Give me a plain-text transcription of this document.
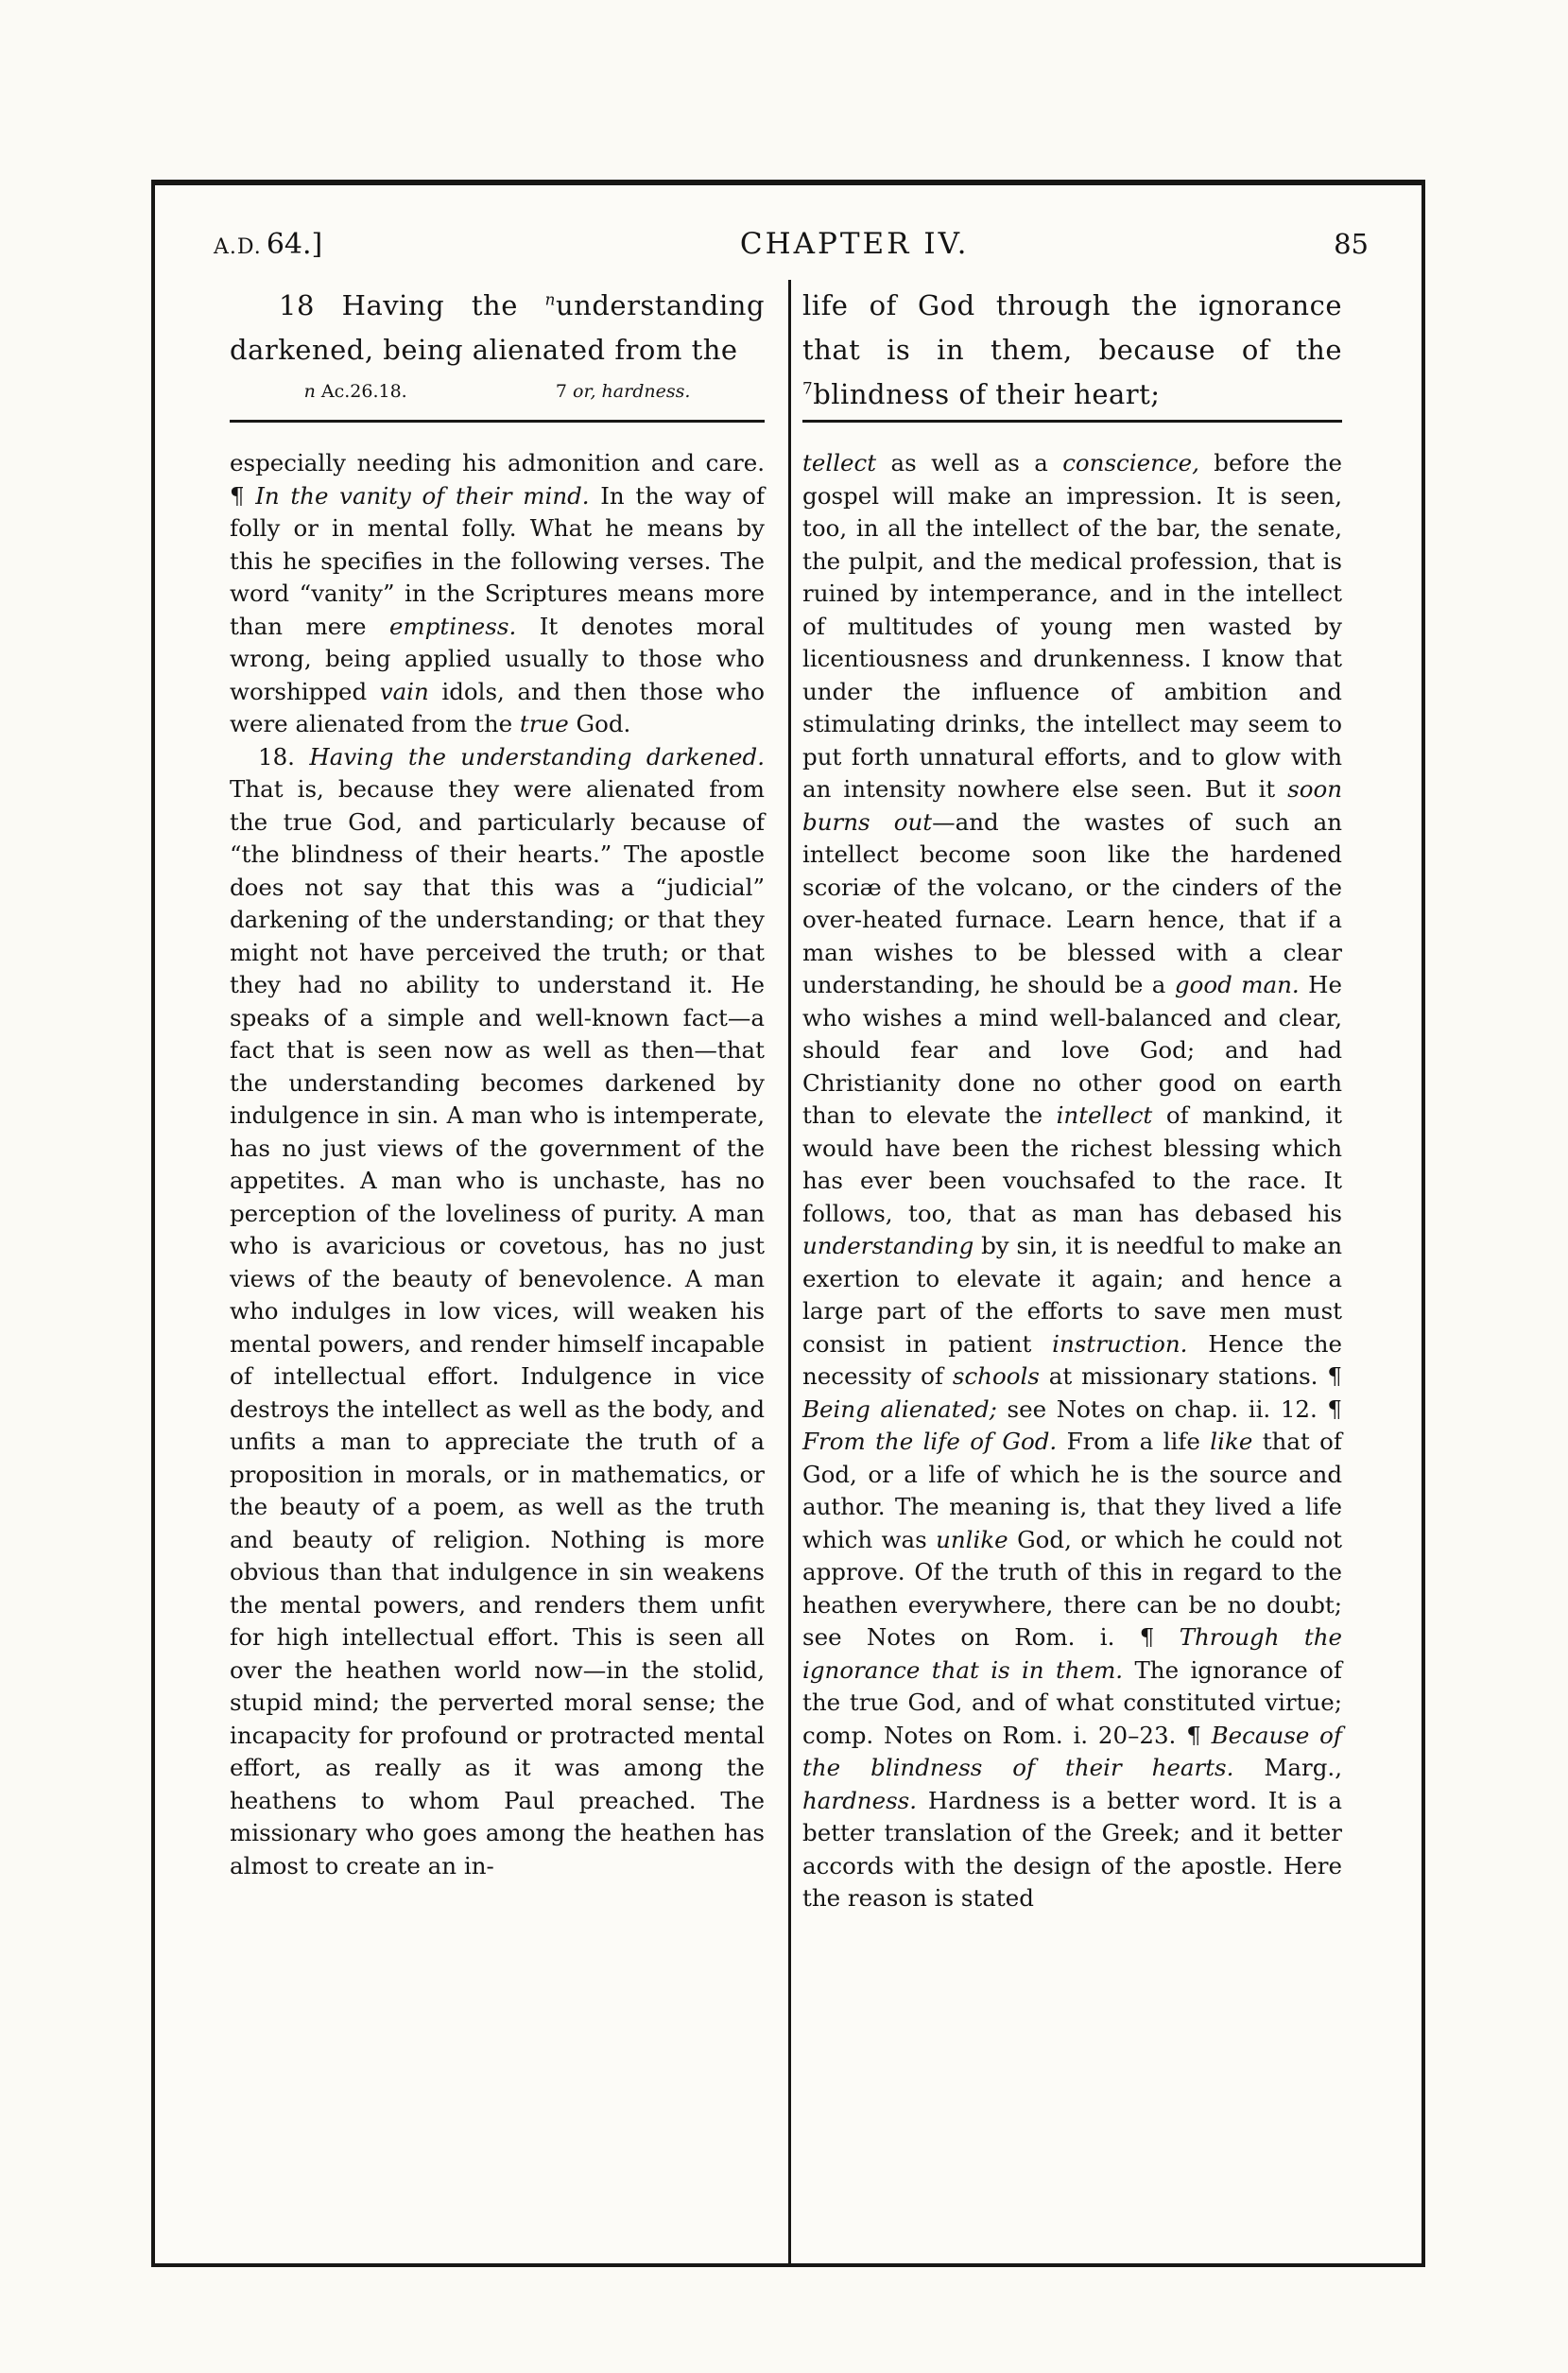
A.D. 64.]	CHAPTER IV.	85
18 Having the $^n$understanding darkened, being alienated from the
n Ac.26.18.	7 or, hardness.

especially needing his admonition and care. ¶ In the vanity of their mind. In the way of folly or in mental folly. What he means by this he specifies in the following verses. The word “vanity” in the Scriptures means more than mere emptiness. It denotes moral wrong, being applied usually to those who worshipped vain idols, and then those who were alienated from the true God.

18. Having the understanding darkened. That is, because they were alienated from the true God, and particularly because of “the blindness of their hearts.” The apostle does not say that this was a “judicial” darkening of the understanding; or that they might not have perceived the truth; or that they had no ability to understand it. He speaks of a simple and well-known fact—a fact that is seen now as well as then—that the understanding becomes darkened by indulgence in sin. A man who is intemperate, has no just views of the government of the appetites. A man who is unchaste, has no perception of the loveliness of purity. A man who is avaricious or covetous, has no just views of the beauty of benevolence. A man who indulges in low vices, will weaken his mental powers, and render himself incapable of intellectual effort. Indulgence in vice destroys the intellect as well as the body, and unfits a man to appreciate the truth of a proposition in morals, or in mathematics, or the beauty of a poem, as well as the truth and beauty of religion. Nothing is more obvious than that indulgence in sin weakens the mental powers, and renders them unfit for high intellectual effort. This is seen all over the heathen world now—in the stolid, stupid mind; the perverted moral sense; the incapacity for profound or protracted mental effort, as really as it was among the heathens to whom Paul preached. The missionary who goes among the heathen has almost to create an in-

life of God through the ignorance that is in them, because of the $^7$blindness of their heart;

tellect as well as a conscience, before the gospel will make an impression. It is seen, too, in all the intellect of the bar, the senate, the pulpit, and the medical profession, that is ruined by intemperance, and in the intellect of multitudes of young men wasted by licentiousness and drunkenness. I know that under the influence of ambition and stimulating drinks, the intellect may seem to put forth unnatural efforts, and to glow with an intensity nowhere else seen. But it soon burns out—and the wastes of such an intellect become soon like the hardened scoriæ of the volcano, or the cinders of the over-heated furnace. Learn hence, that if a man wishes to be blessed with a clear understanding, he should be a good man. He who wishes a mind well-balanced and clear, should fear and love God; and had Christianity done no other good on earth than to elevate the intellect of mankind, it would have been the richest blessing which has ever been vouchsafed to the race. It follows, too, that as man has debased his understanding by sin, it is needful to make an exertion to elevate it again; and hence a large part of the efforts to save men must consist in patient instruction. Hence the necessity of schools at missionary stations. ¶ Being alienated; see Notes on chap. ii. 12. ¶ From the life of God. From a life like that of God, or a life of which he is the source and author. The meaning is, that they lived a life which was unlike God, or which he could not approve. Of the truth of this in regard to the heathen everywhere, there can be no doubt; see Notes on Rom. i. ¶ Through the ignorance that is in them. The ignorance of the true God, and of what constituted virtue; comp. Notes on Rom. i. 20–23. ¶ Because of the blindness of their hearts. Marg., hardness. Hardness is a better word. It is a better translation of the Greek; and it better accords with the design of the apostle. Here the reason is stated
